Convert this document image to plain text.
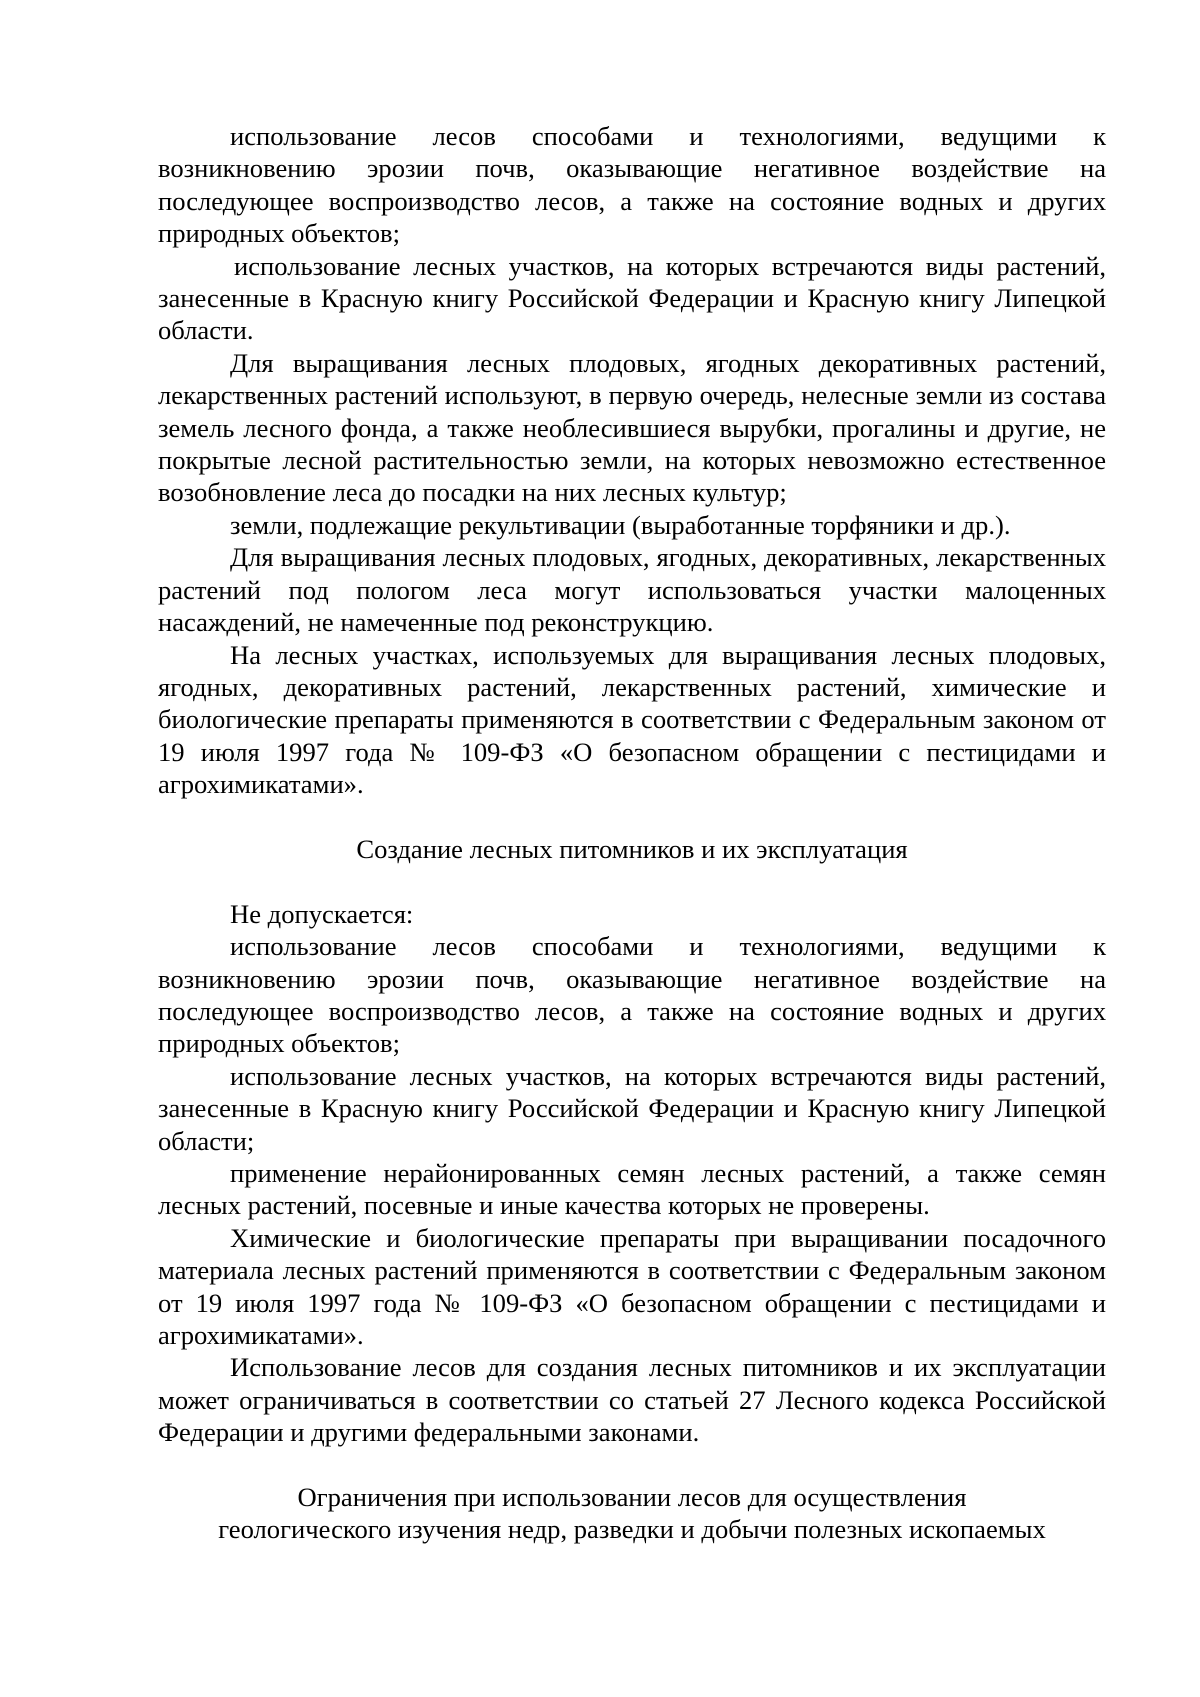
использование лесов способами и технологиями, ведущими к возникновению эрозии почв, оказывающие негативное воздействие на последующее воспроизводство лесов, а также на состояние водных и других природных объектов;

использование лесных участков, на которых встречаются виды растений, занесенные в Красную книгу Российской Федерации и Красную книгу Липецкой области.

Для выращивания лесных плодовых, ягодных декоративных растений, лекарственных растений используют, в первую очередь, нелесные земли из состава земель лесного фонда, а также необлесившиеся вырубки, прогалины и другие, не покрытые лесной растительностью земли, на которых невозможно естественное возобновление леса до посадки на них лесных культур;

земли, подлежащие рекультивации (выработанные торфяники и др.).

Для выращивания лесных плодовых, ягодных, декоративных, лекарственных растений под пологом леса могут использоваться участки малоценных насаждений, не намеченные под реконструкцию.

На лесных участках, используемых для выращивания лесных плодовых, ягодных, декоративных растений, лекарственных растений, химические и биологические препараты применяются в соответствии с Федеральным законом от 19 июля 1997 года № 109-ФЗ «О безопасном обращении с пестицидами и агрохимикатами».

Создание лесных питомников и их эксплуатация

Не допускается:

использование лесов способами и технологиями, ведущими к возникновению эрозии почв, оказывающие негативное воздействие на последующее воспроизводство лесов, а также на состояние водных и других природных объектов;

использование лесных участков, на которых встречаются виды растений, занесенные в Красную книгу Российской Федерации и Красную книгу Липецкой области;

применение нерайонированных семян лесных растений, а также семян лесных растений, посевные и иные качества которых не проверены.

Химические и биологические препараты при выращивании посадочного материала лесных растений применяются в соответствии с Федеральным законом от 19 июля 1997 года № 109-ФЗ «О безопасном обращении с пестицидами и агрохимикатами».

Использование лесов для создания лесных питомников и их эксплуатации может ограничиваться в соответствии со статьей 27 Лесного кодекса Российской Федерации и другими федеральными законами.

Ограничения при использовании лесов для осуществления

геологического изучения недр, разведки и добычи полезных ископаемых
